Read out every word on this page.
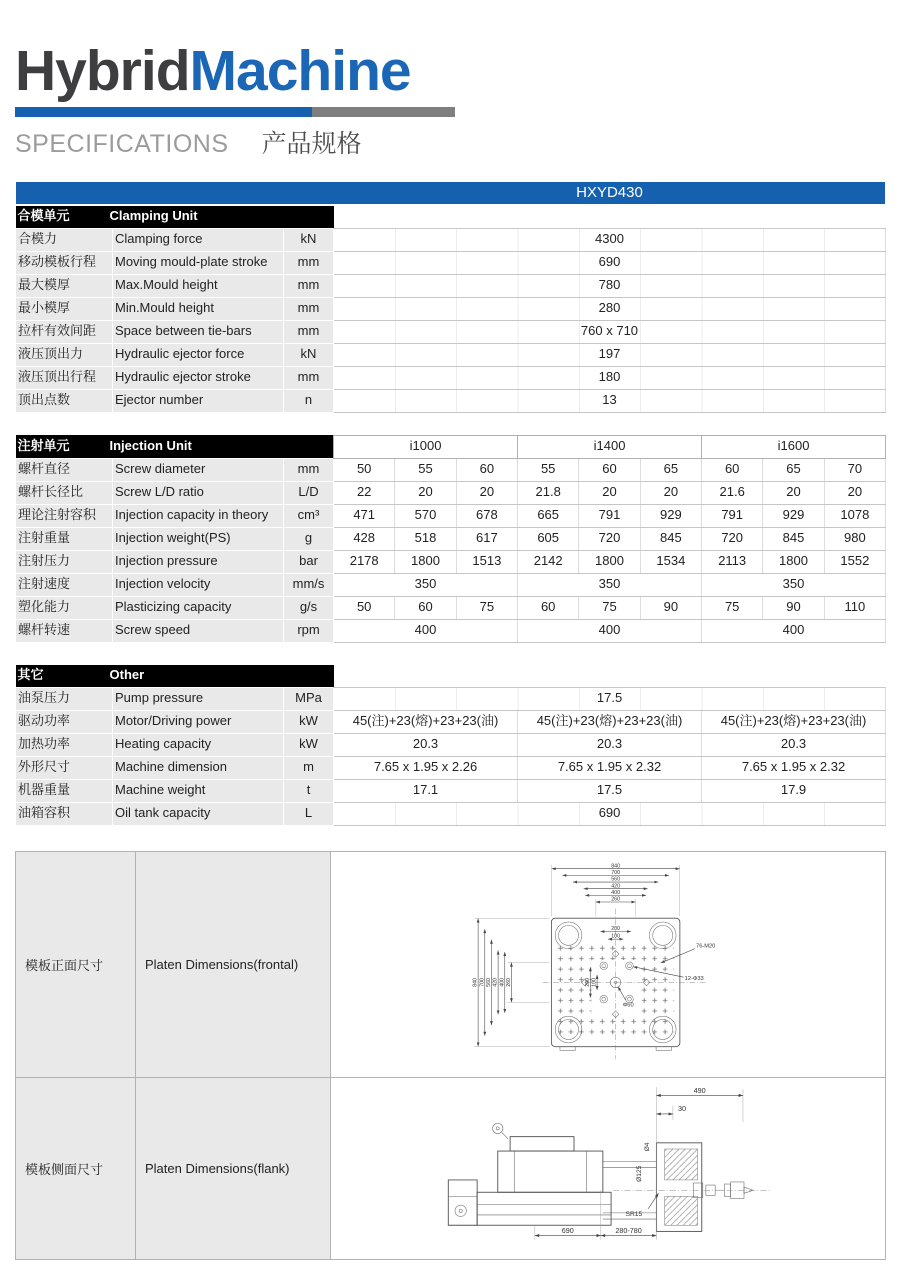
HybridMachine
SPECIFICATIONS 产品规格
HXYD430			

合模单元 Clamping Unit			
合模力	Clamping force	kN	4300
移动模板行程	Moving mould-plate stroke	mm	690
最大模厚	Max.Mould height	mm	780
最小模厚	Min.Mould height	mm	280
拉杆有效间距	Space between tie-bars	mm	760 x 710
液压顶出力	Hydraulic ejector force	kN	197
液压顶出行程	Hydraulic ejector stroke	mm	180
顶出点数	Ejector number	n	13
注射单元 Injection Unit			i1000			i1400			i1600		
螺杆直径	Screw diameter	mm	50	55	60	55	60	65	60	65	70
螺杆长径比	Screw L/D ratio	L/D	22	20	20	21.8	20	20	21.6	20	20
理论注射容积	Injection capacity in theory	cm³	471	570	678	665	791	929	791	929	1078
注射重量	Injection weight(PS)	g	428	518	617	605	720	845	720	845	980
注射压力	Injection pressure	bar	2178	1800	1513	2142	1800	1534	2113	1800	1552
注射速度	Injection velocity	mm/s	350			350			350		
塑化能力	Plasticizing capacity	g/s	50	60	75	60	75	90	75	90	110
螺杆转速	Screw speed	rpm	400			400			400		
其它 Other					
油泵压力	Pump pressure	MPa	17.5		
驱动功率	Motor/Driving power	kW	45(注)+23(熔)+23+23(油)	45(注)+23(熔)+23+23(油)	45(注)+23(熔)+23+23(油)
加热功率	Heating capacity	kW	20.3	20.3	20.3
外形尺寸	Machine dimension	m	7.65 x 1.95 x 2.26	7.65 x 1.95 x 2.32	7.65 x 1.95 x 2.32
机器重量	Machine weight	t	17.1	17.5	17.9
油箱容积	Oil tank capacity	L	690		
模板正面尺寸	Platen Dimensions(frontal)	
840
700
560
420
400
260
840 700 560 420 400 260
200
100
200 100
76-M20
12-Φ33
Φ60

模板侧面尺寸	Platen Dimensions(flank)	
490
30
Ø4
Ø125
SR15
690	280-780
